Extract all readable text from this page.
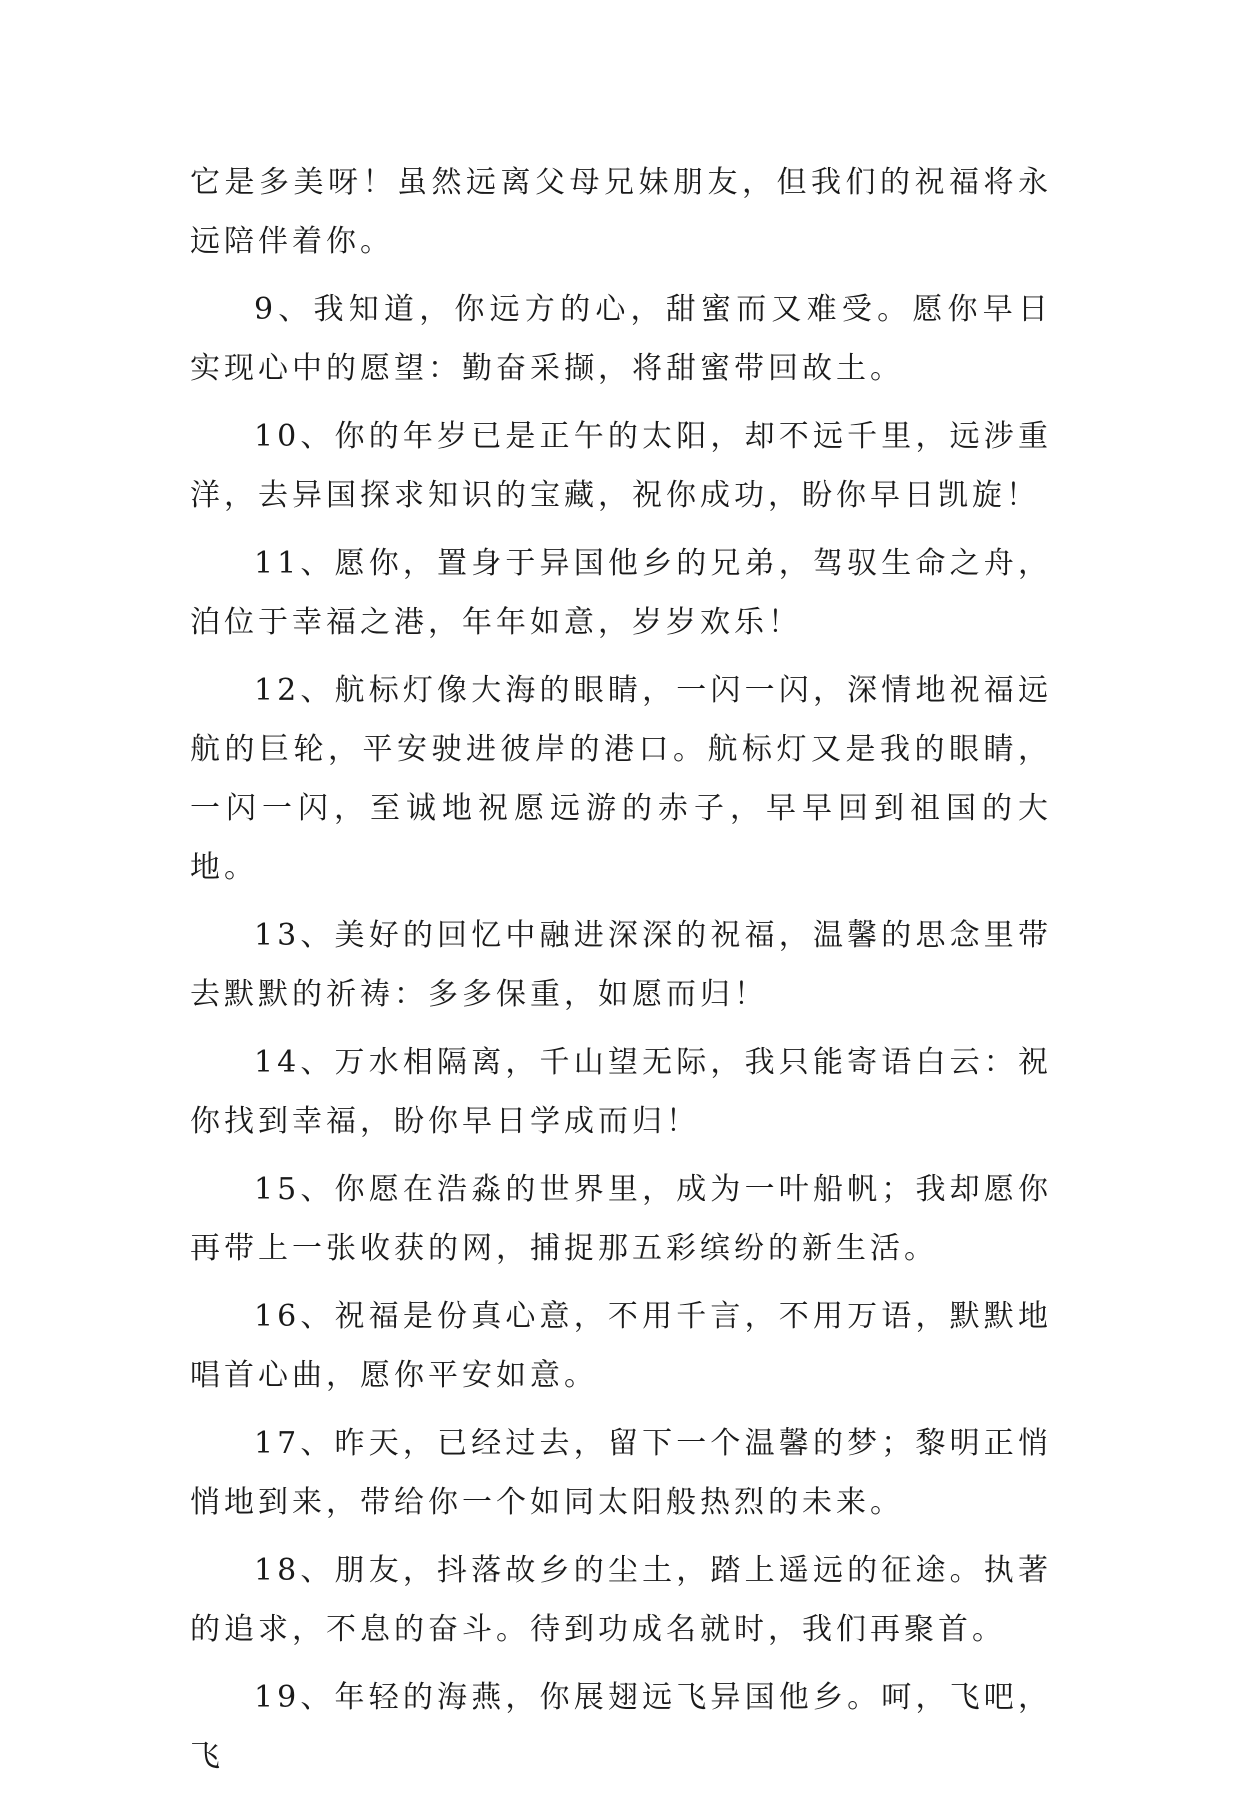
它是多美呀！虽然远离父母兄妹朋友，但我们的祝福将永远陪伴着你。

9、我知道，你远方的心，甜蜜而又难受。愿你早日实现心中的愿望：勤奋采撷，将甜蜜带回故土。

10、你的年岁已是正午的太阳，却不远千里，远涉重洋，去异国探求知识的宝藏，祝你成功，盼你早日凯旋！

11、愿你，置身于异国他乡的兄弟，驾驭生命之舟，泊位于幸福之港，年年如意，岁岁欢乐！

12、航标灯像大海的眼睛，一闪一闪，深情地祝福远航的巨轮，平安驶进彼岸的港口。航标灯又是我的眼睛，一闪一闪，至诚地祝愿远游的赤子，早早回到祖国的大地。

13、美好的回忆中融进深深的祝福，温馨的思念里带去默默的祈祷：多多保重，如愿而归！

14、万水相隔离，千山望无际，我只能寄语白云：祝你找到幸福，盼你早日学成而归！

15、你愿在浩淼的世界里，成为一叶船帆；我却愿你再带上一张收获的网，捕捉那五彩缤纷的新生活。

16、祝福是份真心意，不用千言，不用万语，默默地唱首心曲，愿你平安如意。

17、昨天，已经过去，留下一个温馨的梦；黎明正悄悄地到来，带给你一个如同太阳般热烈的未来。

18、朋友，抖落故乡的尘土，踏上遥远的征途。执著的追求，不息的奋斗。待到功成名就时，我们再聚首。

19、年轻的海燕，你展翅远飞异国他乡。呵，飞吧，飞
